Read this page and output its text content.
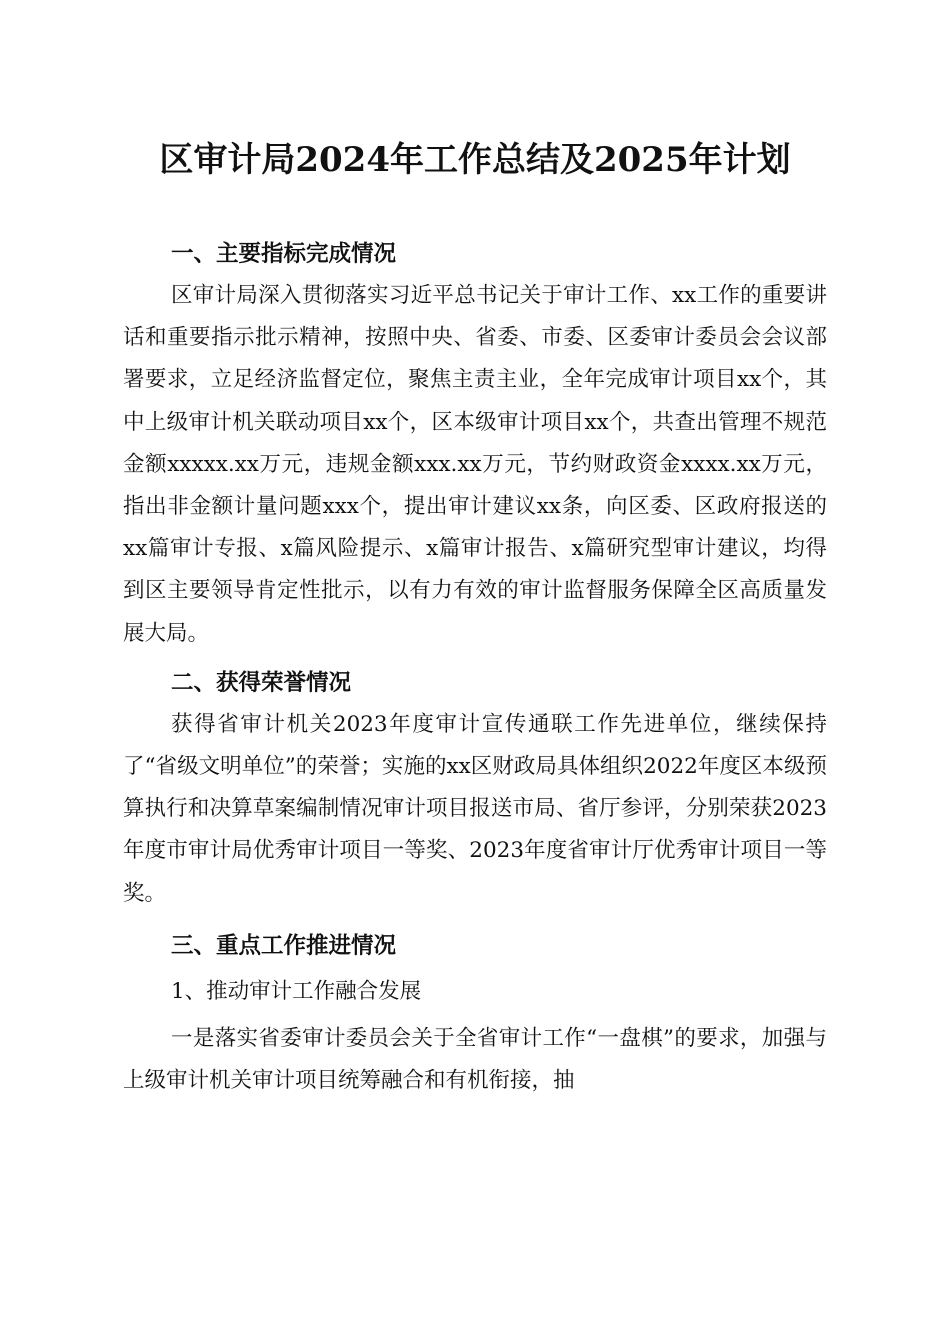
区审计局2024年工作总结及2025年计划

一、主要指标完成情况

区审计局深入贯彻落实习近平总书记关于审计工作、xx工作的重要讲话和重要指示批示精神，按照中央、省委、市委、区委审计委员会会议部署要求，立足经济监督定位，聚焦主责主业，全年完成审计项目xx个，其中上级审计机关联动项目xx个，区本级审计项目xx个，共查出管理不规范金额xxxxx.xx万元，违规金额xxx.xx万元，节约财政资金xxxx.xx万元，指出非金额计量问题xxx个，提出审计建议xx条，向区委、区政府报送的xx篇审计专报、x篇风险提示、x篇审计报告、x篇研究型审计建议，均得到区主要领导肯定性批示，以有力有效的审计监督服务保障全区高质量发展大局。

二、获得荣誉情况

获得省审计机关2023年度审计宣传通联工作先进单位，继续保持了“省级文明单位”的荣誉；实施的xx区财政局具体组织2022年度区本级预算执行和决算草案编制情况审计项目报送市局、省厅参评，分别荣获2023年度市审计局优秀审计项目一等奖、2023年度省审计厅优秀审计项目一等奖。

三、重点工作推进情况

1、推动审计工作融合发展

一是落实省委审计委员会关于全省审计工作“一盘棋”的要求，加强与上级审计机关审计项目统筹融合和有机衔接，抽
